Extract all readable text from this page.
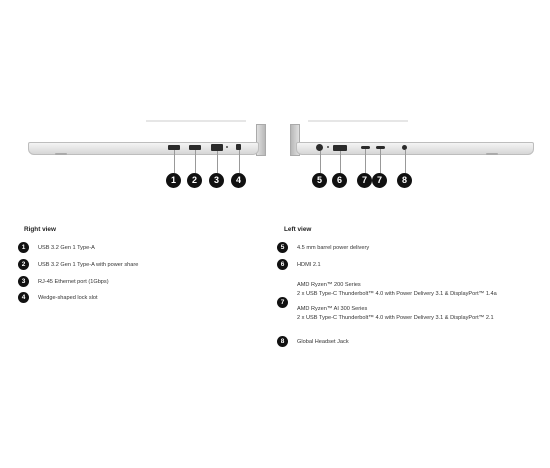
1	2	3	4	5	6	7	7	8
Right view
1	USB 3.2 Gen 1 Type-A
2	USB 3.2 Gen 1 Type-A with power share
3	RJ-45 Ethernet port (1Gbps)
4	Wedge-shaped lock slot
Left view
5	4.5 mm barrel power delivery
6	HDMI 2.1
7
AMD Ryzen™ 200 Series
2 x USB Type-C Thunderbolt™ 4.0 with Power Delivery 3.1 & DisplayPort™ 1.4a
AMD Ryzen™ AI 300 Series
2 x USB Type-C Thunderbolt™ 4.0 with Power Delivery 3.1 & DisplayPort™ 2.1
8	Global Headset Jack
